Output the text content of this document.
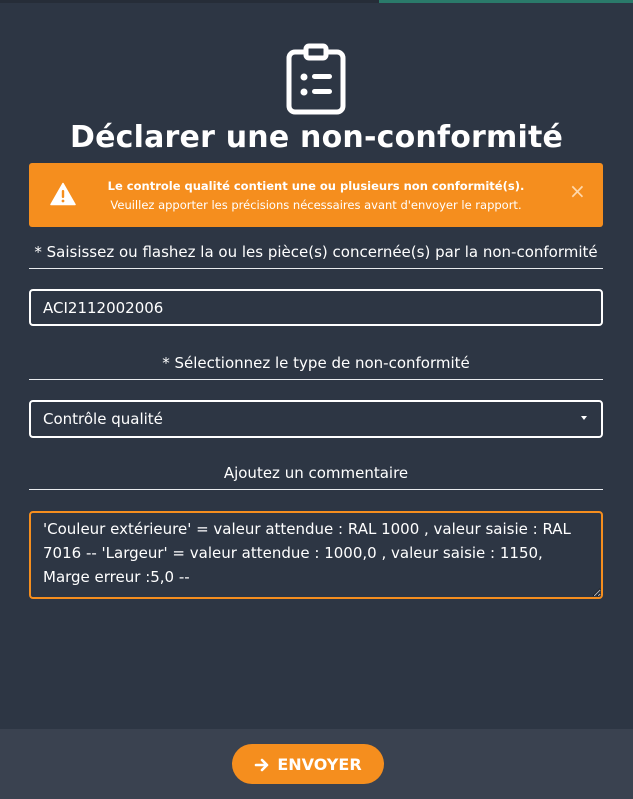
Déclarer une non-conformité
Le controle qualité contient une ou plusieurs non conformité(s). Veuillez apporter les précisions nécessaires avant d'envoyer le rapport.
×
* Saisissez ou flashez la ou les pièce(s) concernée(s) par la non-conformité
ACI2112002006
* Sélectionnez le type de non-conformité
Contrôle qualité
Ajoutez un commentaire
'Couleur extérieure' = valeur attendue : RAL 1000 , valeur saisie : RAL 7016 -- 'Largeur' = valeur attendue : 1000,0 , valeur saisie : 1150, Marge erreur :5,0 --
ENVOYER
